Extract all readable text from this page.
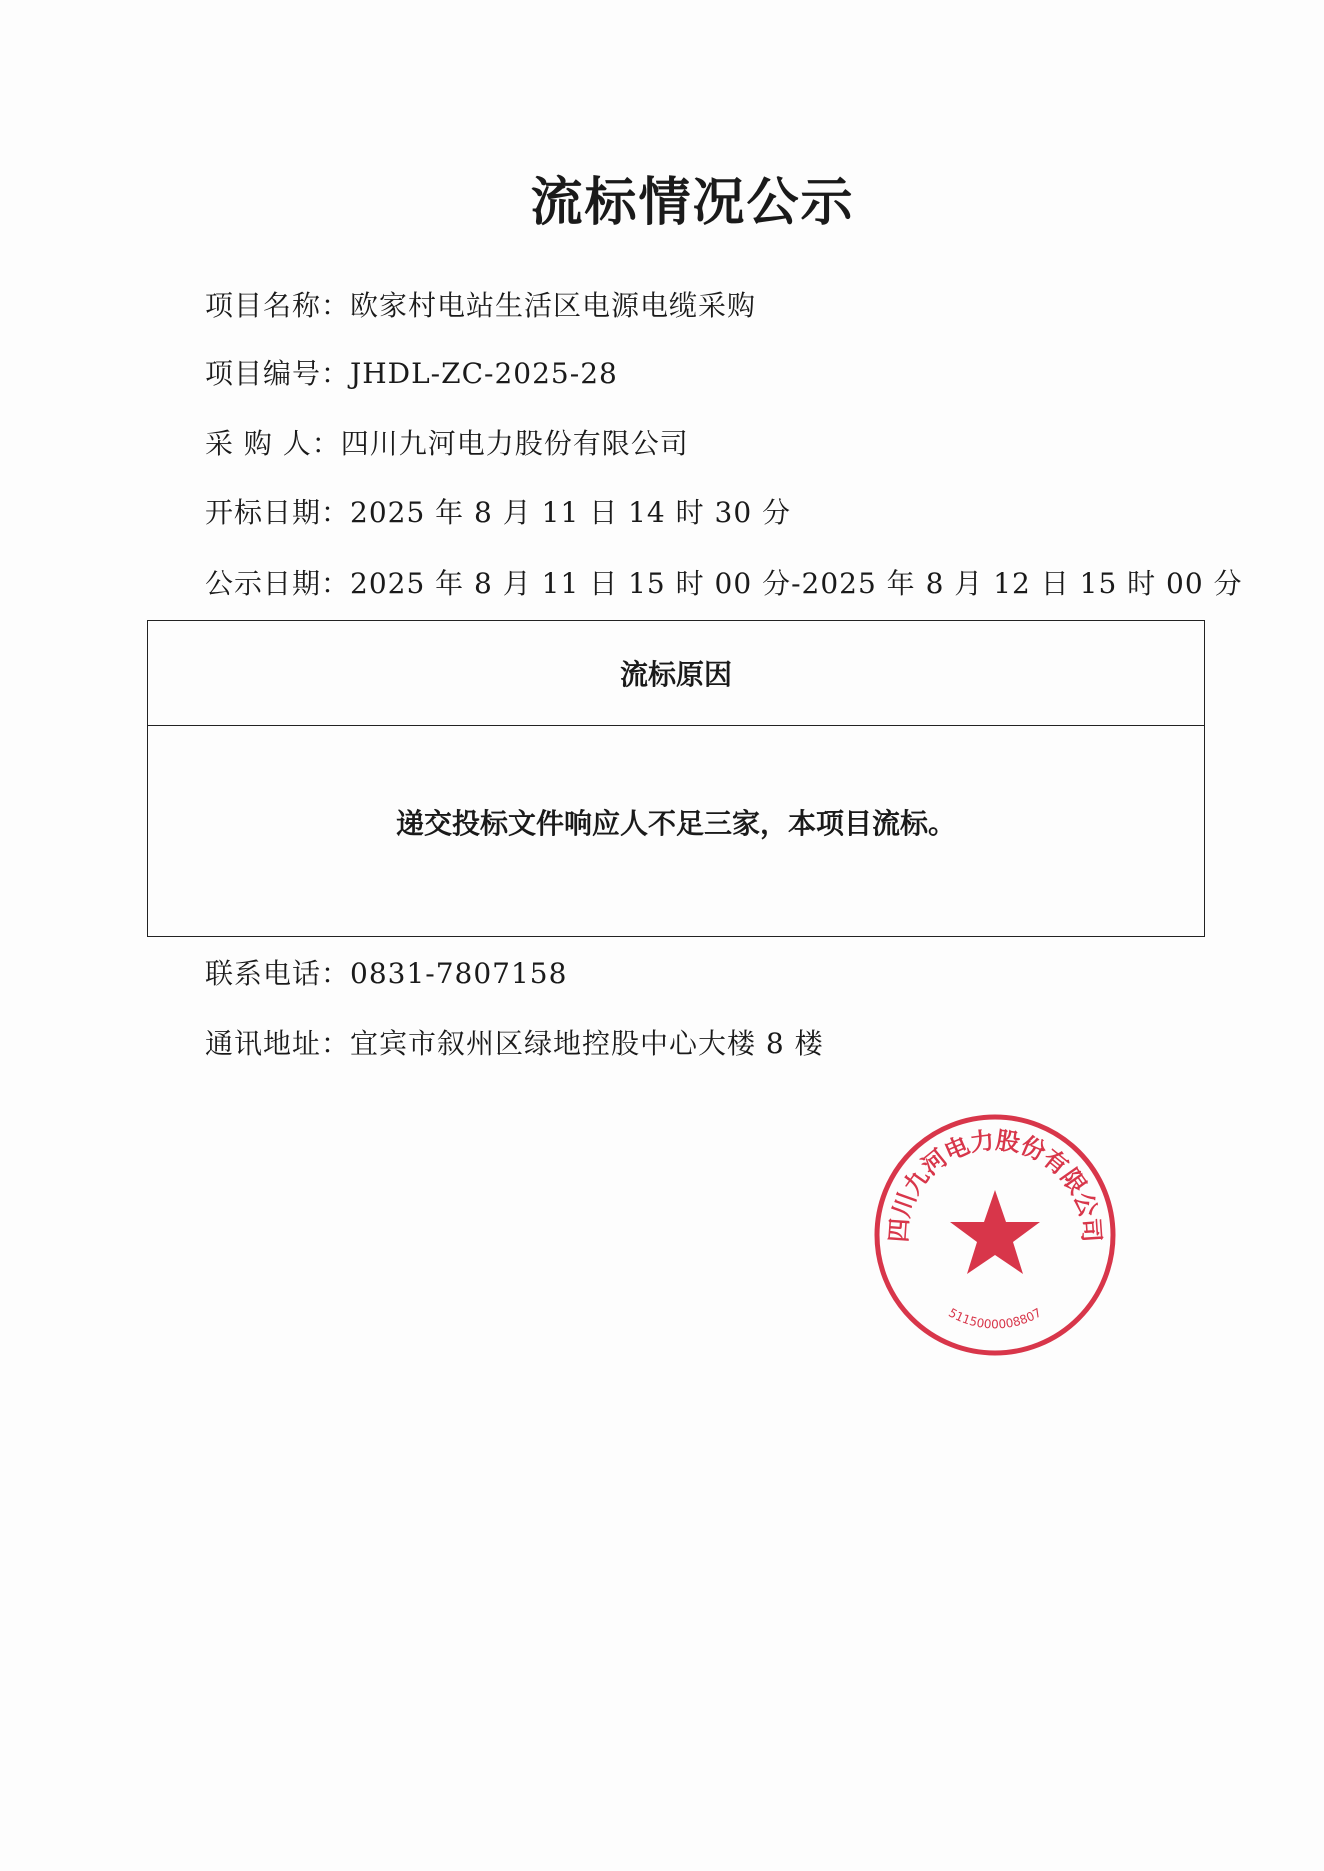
流标情况公示
项目名称：欧家村电站生活区电源电缆采购
项目编号：JHDL-ZC-2025-28
采 购 人：四川九河电力股份有限公司
开标日期：2025 年 8 月 11 日 14 时 30 分
公示日期：2025 年 8 月 11 日 15 时 00 分-2025 年 8 月 12 日 15 时 00 分
流标原因
递交投标文件响应人不足三家，本项目流标。
联系电话：0831-7807158
通讯地址：宜宾市叙州区绿地控股中心大楼 8 楼
四川九河电力股份有限公司
5115000008807
